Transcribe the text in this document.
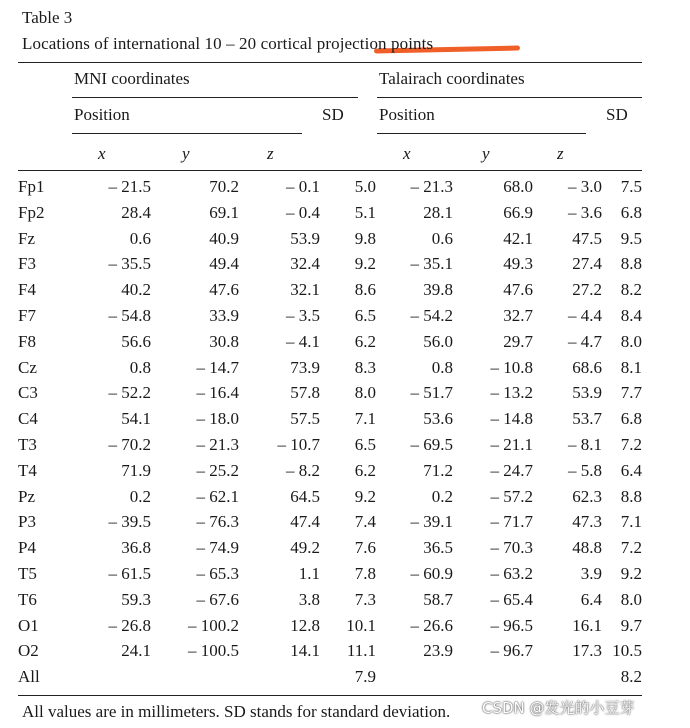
Table 3
Locations of international 10 – 20 cortical projection points
MNI coordinates	Talairach coordinates
Position	SD Position	SD
x	y	z	x	y	z
Fp1	– 21.5	70.2	– 0.1	5.0	– 21.3	68.0	– 3.0	7.5
Fp2	28.4	69.1	– 0.4	5.1	28.1	66.9	– 3.6	6.8
Fz	0.6	40.9	53.9	9.8	0.6	42.1	47.5	9.5
F3	– 35.5	49.4	32.4	9.2	– 35.1	49.3	27.4	8.8
F4	40.2	47.6	32.1	8.6	39.8	47.6	27.2	8.2
F7	– 54.8	33.9	– 3.5	6.5	– 54.2	32.7	– 4.4	8.4
F8	56.6	30.8	– 4.1	6.2	56.0	29.7	– 4.7	8.0
Cz	0.8	– 14.7	73.9	8.3	0.8	– 10.8	68.6	8.1
C3	– 52.2	– 16.4	57.8	8.0	– 51.7	– 13.2	53.9	7.7
C4	54.1	– 18.0	57.5	7.1	53.6	– 14.8	53.7	6.8
T3	– 70.2	– 21.3	– 10.7	6.5	– 69.5	– 21.1	– 8.1	7.2
T4	71.9	– 25.2	– 8.2	6.2	71.2	– 24.7	– 5.8	6.4
Pz	0.2	– 62.1	64.5	9.2	0.2	– 57.2	62.3	8.8
P3	– 39.5	– 76.3	47.4	7.4	– 39.1	– 71.7	47.3	7.1
P4	36.8	– 74.9	49.2	7.6	36.5	– 70.3	48.8	7.2
T5	– 61.5	– 65.3	1.1	7.8	– 60.9	– 63.2	3.9	9.2
T6	59.3	– 67.6	3.8	7.3	58.7	– 65.4	6.4	8.0
O1	– 26.8	– 100.2	12.8	10.1	– 26.6	– 96.5	16.1	9.7
O2	24.1	– 100.5	14.1	11.1	23.9	– 96.7	17.3	10.5
All				7.9				8.2
All values are in millimeters. SD stands for standard deviation. CSDN @发光的小豆芽
